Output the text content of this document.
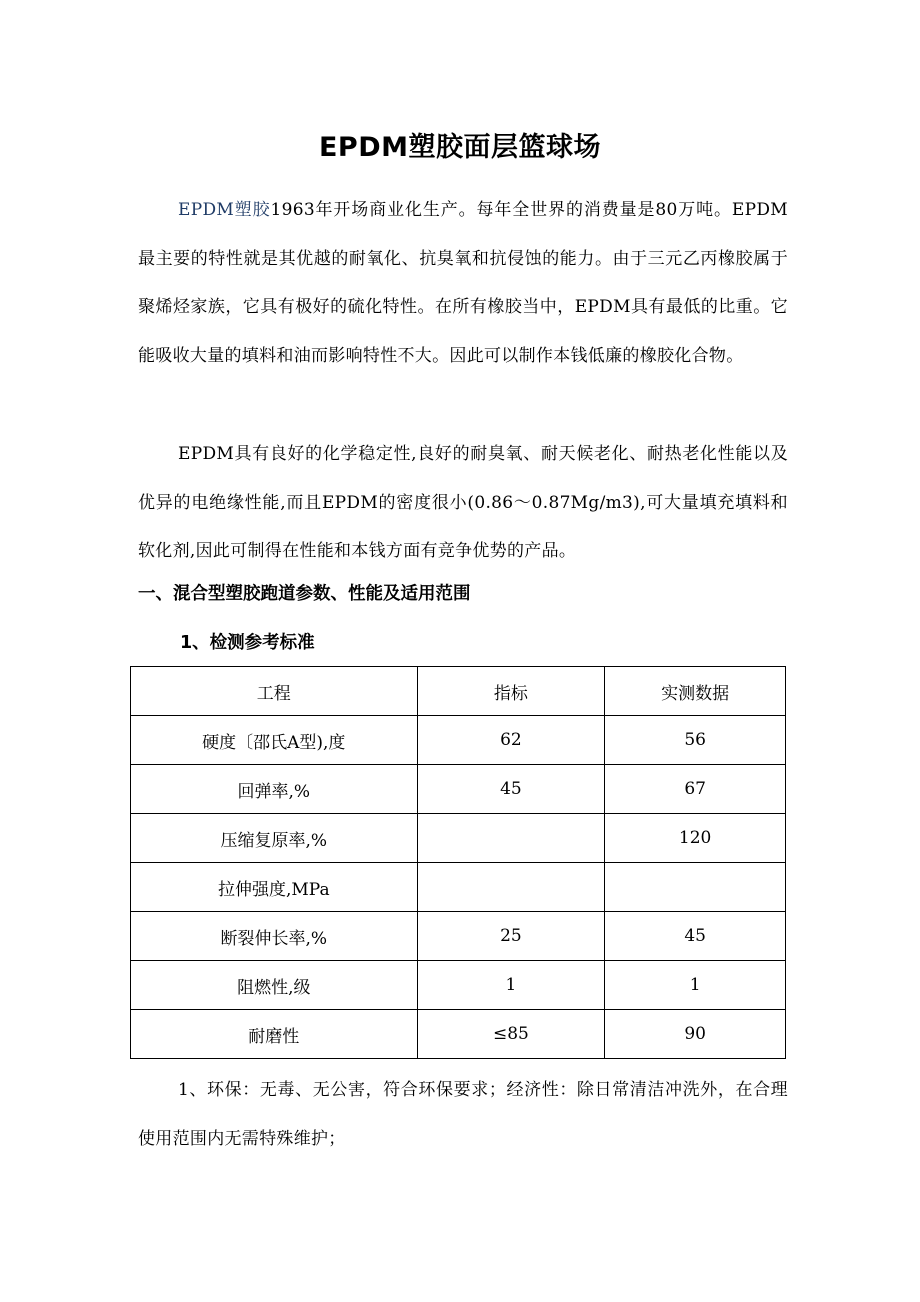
EPDM塑胶面层篮球场
EPDM塑胶1963年开场商业化生产。每年全世界的消费量是80万吨。EPDM最主要的特性就是其优越的耐氧化、抗臭氧和抗侵蚀的能力。由于三元乙丙橡胶属于聚烯烃家族，它具有极好的硫化特性。在所有橡胶当中，EPDM具有最低的比重。它能吸收大量的填料和油而影响特性不大。因此可以制作本钱低廉的橡胶化合物。
EPDM具有良好的化学稳定性,良好的耐臭氧、耐天候老化、耐热老化性能以及优异的电绝缘性能,而且EPDM的密度很小(0.86～0.87Mg/m3),可大量填充填料和软化剂,因此可制得在性能和本钱方面有竞争优势的产品。
一、混合型塑胶跑道参数、性能及适用范围
1、检测参考标准
工程	指标	实测数据
硬度〔邵氏A型),度	62	56
回弹率,%	45	67
压缩复原率,%		120
拉伸强度,MPa		
断裂伸长率,%	25	45
阻燃性,级	1	1
耐磨性	≤85	90
1、环保：无毒、无公害，符合环保要求；经济性：除日常清洁冲洗外，在合理使用范围内无需特殊维护；
